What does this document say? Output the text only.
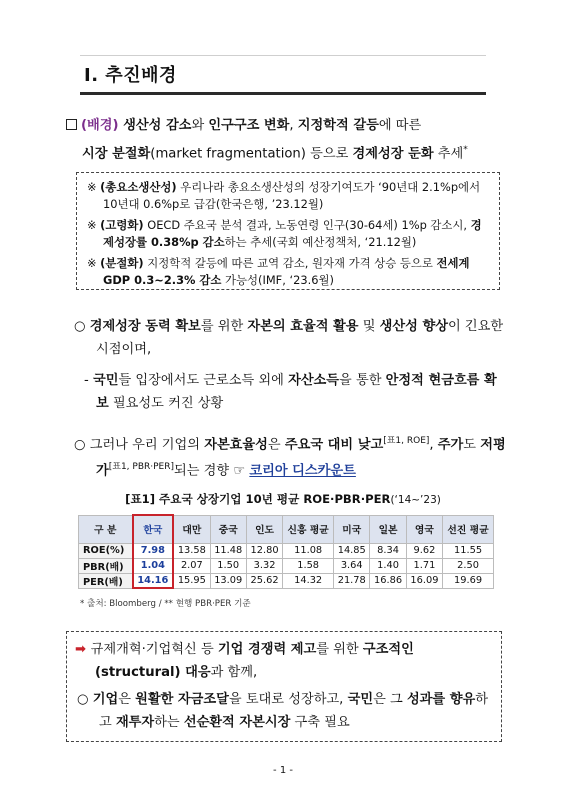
Ⅰ. 추진배경
(배경) 생산성 감소와 인구구조 변화, 지정학적 갈등에 따른
시장 분절화(market fragmentation) 등으로 경제성장 둔화 추세*
※ (총요소생산성) 우리나라 총요소생산성의 성장기여도가 ‘90년대 2.1%p에서 10년대 0.6%p로 급감(한국은행, ’23.12월)
※ (고령화) OECD 주요국 분석 결과, 노동연령 인구(30-64세) 1%p 감소시, 경제성장률 0.38%p 감소하는 추세(국회 예산정책처, ‘21.12월)
※ (분절화) 지정학적 갈등에 따른 교역 감소, 원자재 가격 상승 등으로 전세계 GDP 0.3~2.3% 감소 가능성(IMF, ‘23.6월)
○ 경제성장 동력 확보를 위한 자본의 효율적 활용 및 생산성 향상이 긴요한 시점이며,
- 국민들 입장에서도 근로소득 외에 자산소득을 통한 안정적 현금흐름 확보 필요성도 커진 상황
○ 그러나 우리 기업의 자본효율성은 주요국 대비 낮고[표1, ROE], 주가도 저평가[표1, PBR·PER]되는 경향 ☞ 코리아 디스카운트
[표1] 주요국 상장기업 10년 평균 ROE·PBR·PER(‘14~’23)
구 분	한국	대만	중국	인도	신흥 평균	미국	일본	영국	선진 평균
ROE(%)	7.98	13.58	11.48	12.80	11.08	14.85	8.34	9.62	11.55
PBR(배)	1.04	2.07	1.50	3.32	1.58	3.64	1.40	1.71	2.50
PER(배)	14.16	15.95	13.09	25.62	14.32	21.78	16.86	16.09	19.69
* 출처: Bloomberg / ** 현행 PBR·PER 기준
➡ 규제개혁·기업혁신 등 기업 경쟁력 제고를 위한 구조적인 (structural) 대응과 함께,
○ 기업은 원활한 자금조달을 토대로 성장하고, 국민은 그 성과를 향유하고 재투자하는 선순환적 자본시장 구축 필요
- 1 -
